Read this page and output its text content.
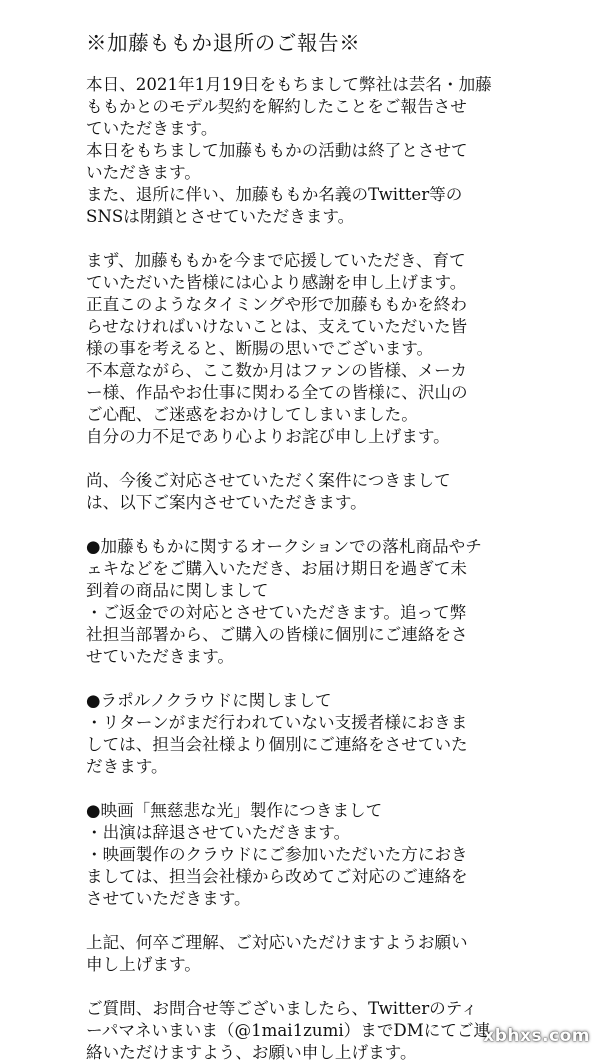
※加藤ももか退所のご報告※
本日、2021年1月19日をもちまして弊社は芸名・加藤
ももかとのモデル契約を解約したことをご報告させ
ていただきます。
本日をもちまして加藤ももかの活動は終了とさせて
いただきます。
また、退所に伴い、加藤ももか名義のTwitter等の
SNSは閉鎖とさせていただきます。
まず、加藤ももかを今まで応援していただき、育て
ていただいた皆様には心より感謝を申し上げます。
正直このようなタイミングや形で加藤ももかを終わ
らせなければいけないことは、支えていただいた皆
様の事を考えると、断腸の思いでございます。
不本意ながら、ここ数か月はファンの皆様、メーカ
ー様、作品やお仕事に関わる全ての皆様に、沢山の
ご心配、ご迷惑をおかけしてしまいました。
自分の力不足であり心よりお詫び申し上げます。
尚、今後ご対応させていただく案件につきまして
は、以下ご案内させていただきます。
●加藤ももかに関するオークションでの落札商品やチ
ェキなどをご購入いただき、お届け期日を過ぎて未
到着の商品に関しまして
・ご返金での対応とさせていただきます。追って弊
社担当部署から、ご購入の皆様に個別にご連絡をさ
せていただきます。
●ラポルノクラウドに関しまして
・リターンがまだ行われていない支援者様におきま
しては、担当会社様より個別にご連絡をさせていた
だきます。
●映画「無慈悲な光」製作につきまして
・出演は辞退させていただきます。
・映画製作のクラウドにご参加いただいた方におき
ましては、担当会社様から改めてご対応のご連絡を
させていただきます。
上記、何卒ご理解、ご対応いただけますようお願い
申し上げます。
ご質問、お問合せ等ございましたら、Twitterのティ
ーパマネいまいま（@1mai1zumi）までDMにてご連
絡いただけますよう、お願い申し上げます。
xbhxs.com
